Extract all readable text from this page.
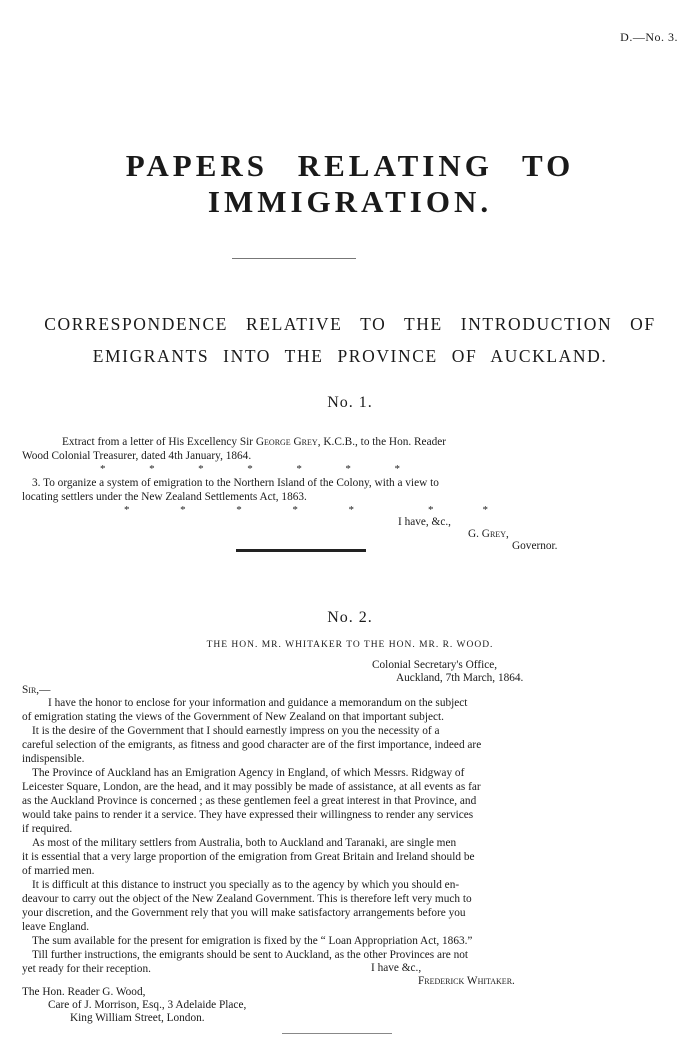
D.—No. 3.
PAPERS RELATING TO IMMIGRATION.
CORRESPONDENCE RELATIVE TO THE INTRODUCTION OF
EMIGRANTS INTO THE PROVINCE OF AUCKLAND.
No. 1.
Extract from a letter of His Excellency Sir George Grey, K.C.B., to the Hon. Reader
Wood Colonial Treasurer, dated 4th January, 1864.
*	*	*	*	*	*	*
3. To organize a system of emigration to the Northern Island of the Colony, with a view to
locating settlers under the New Zealand Settlements Act, 1863.
*	*	*	*	*	*	*
I have, &c.,
G. Grey,
Governor.
No. 2.
THE HON. MR. WHITAKER TO THE HON. MR. R. WOOD.
Colonial Secretary's Office,
Auckland, 7th March, 1864.
Sir,—
I have the honor to enclose for your information and guidance a memorandum on the subject
of emigration stating the views of the Government of New Zealand on that important subject.
It is the desire of the Government that I should earnestly impress on you the necessity of a
careful selection of the emigrants, as fitness and good character are of the first importance, indeed are
indispensible.
The Province of Auckland has an Emigration Agency in England, of which Messrs. Ridgway of
Leicester Square, London, are the head, and it may possibly be made of assistance, at all events as far
as the Auckland Province is concerned ; as these gentlemen feel a great interest in that Province, and
would take pains to render it a service. They have expressed their willingness to render any services
if required.
As most of the military settlers from Australia, both to Auckland and Taranaki, are single men
it is essential that a very large proportion of the emigration from Great Britain and Ireland should be
of married men.
It is difficult at this distance to instruct you specially as to the agency by which you should en-
deavour to carry out the object of the New Zealand Government. This is therefore left very much to
your discretion, and the Government rely that you will make satisfactory arrangements before you
leave England.
The sum available for the present for emigration is fixed by the “ Loan Appropriation Act, 1863.”
Till further instructions, the emigrants should be sent to Auckland, as the other Provinces are not
yet ready for their reception.	I have &c.,
Frederick Whitaker.
The Hon. Reader G. Wood,
Care of J. Morrison, Esq., 3 Adelaide Place,
King William Street, London.
